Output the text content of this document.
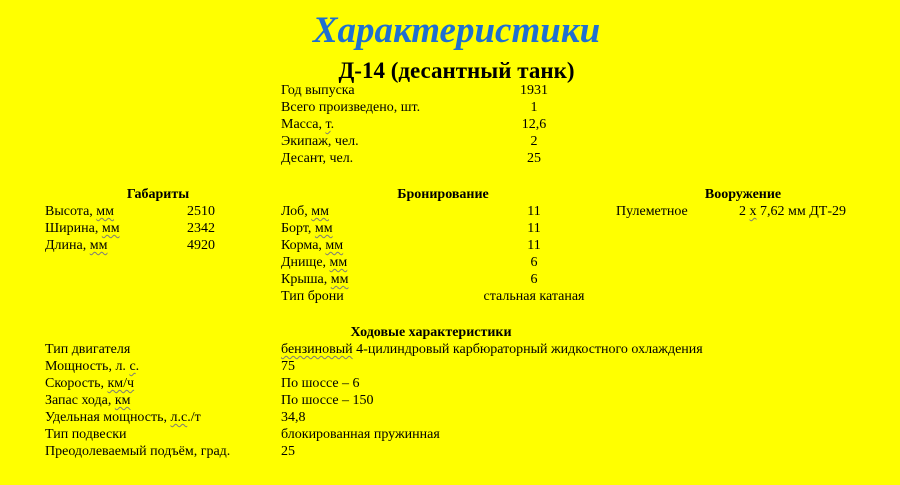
Характеристики
Д-14 (десантный танк)
Год выпуска	1931
Всего произведено, шт.	1
Масса, т.	12,6
Экипаж, чел.	2
Десант, чел.	25
Габариты
Высота, мм	2510
Ширина, мм	2342
Длина, мм	4920
Бронирование
Лоб, мм	11
Борт, мм	11
Корма, мм	11
Днище, мм	6
Крыша, мм	6
Тип брони	стальная катаная
Вооружение
Пулеметное	2 х 7,62 мм ДТ-29
Ходовые характеристики
Тип двигателя	бензиновый 4-цилиндровый карбюраторный жидкостного охлаждения
Мощность, л. с.	75
Скорость, км/ч	По шоссе – 6
Запас хода, км	По шоссе – 150
Удельная мощность, л.с./т	34,8
Тип подвески	блокированная пружинная
Преодолеваемый подъём, град.	25
